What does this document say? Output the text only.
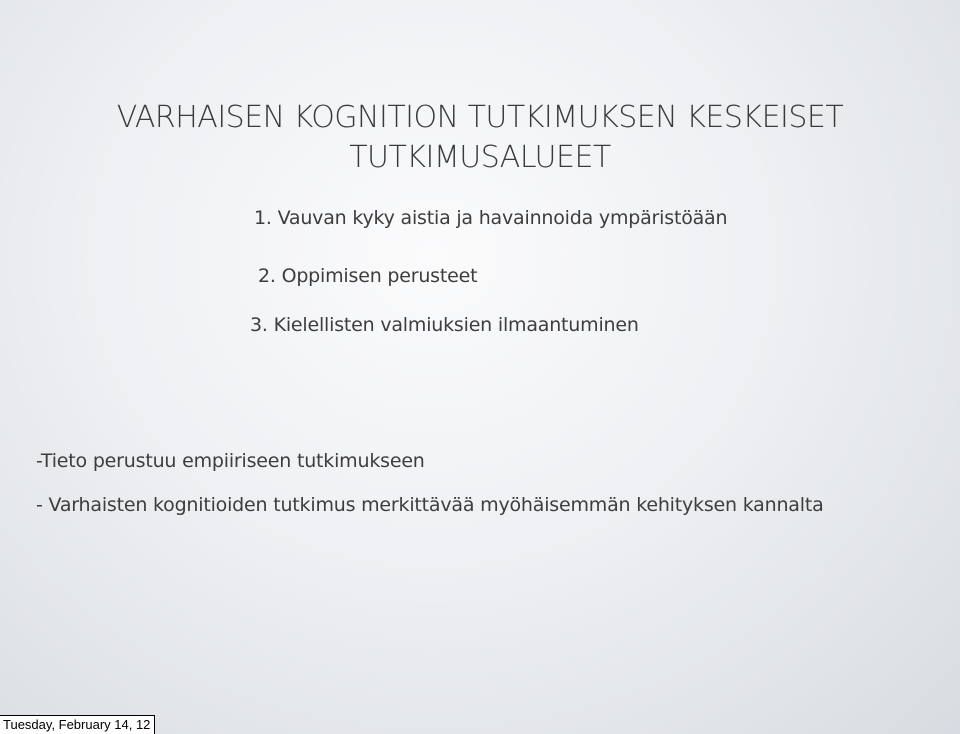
VARHAISEN KOGNITION TUTKIMUKSEN KESKEISET
TUTKIMUSALUEET
1. Vauvan kyky aistia ja havainnoida ympäristöään
2. Oppimisen perusteet
3. Kielellisten valmiuksien ilmaantuminen
-Tieto perustuu empiiriseen tutkimukseen
- Varhaisten kognitioiden tutkimus merkittävää myöhäisemmän kehityksen kannalta
Tuesday, February 14, 12
